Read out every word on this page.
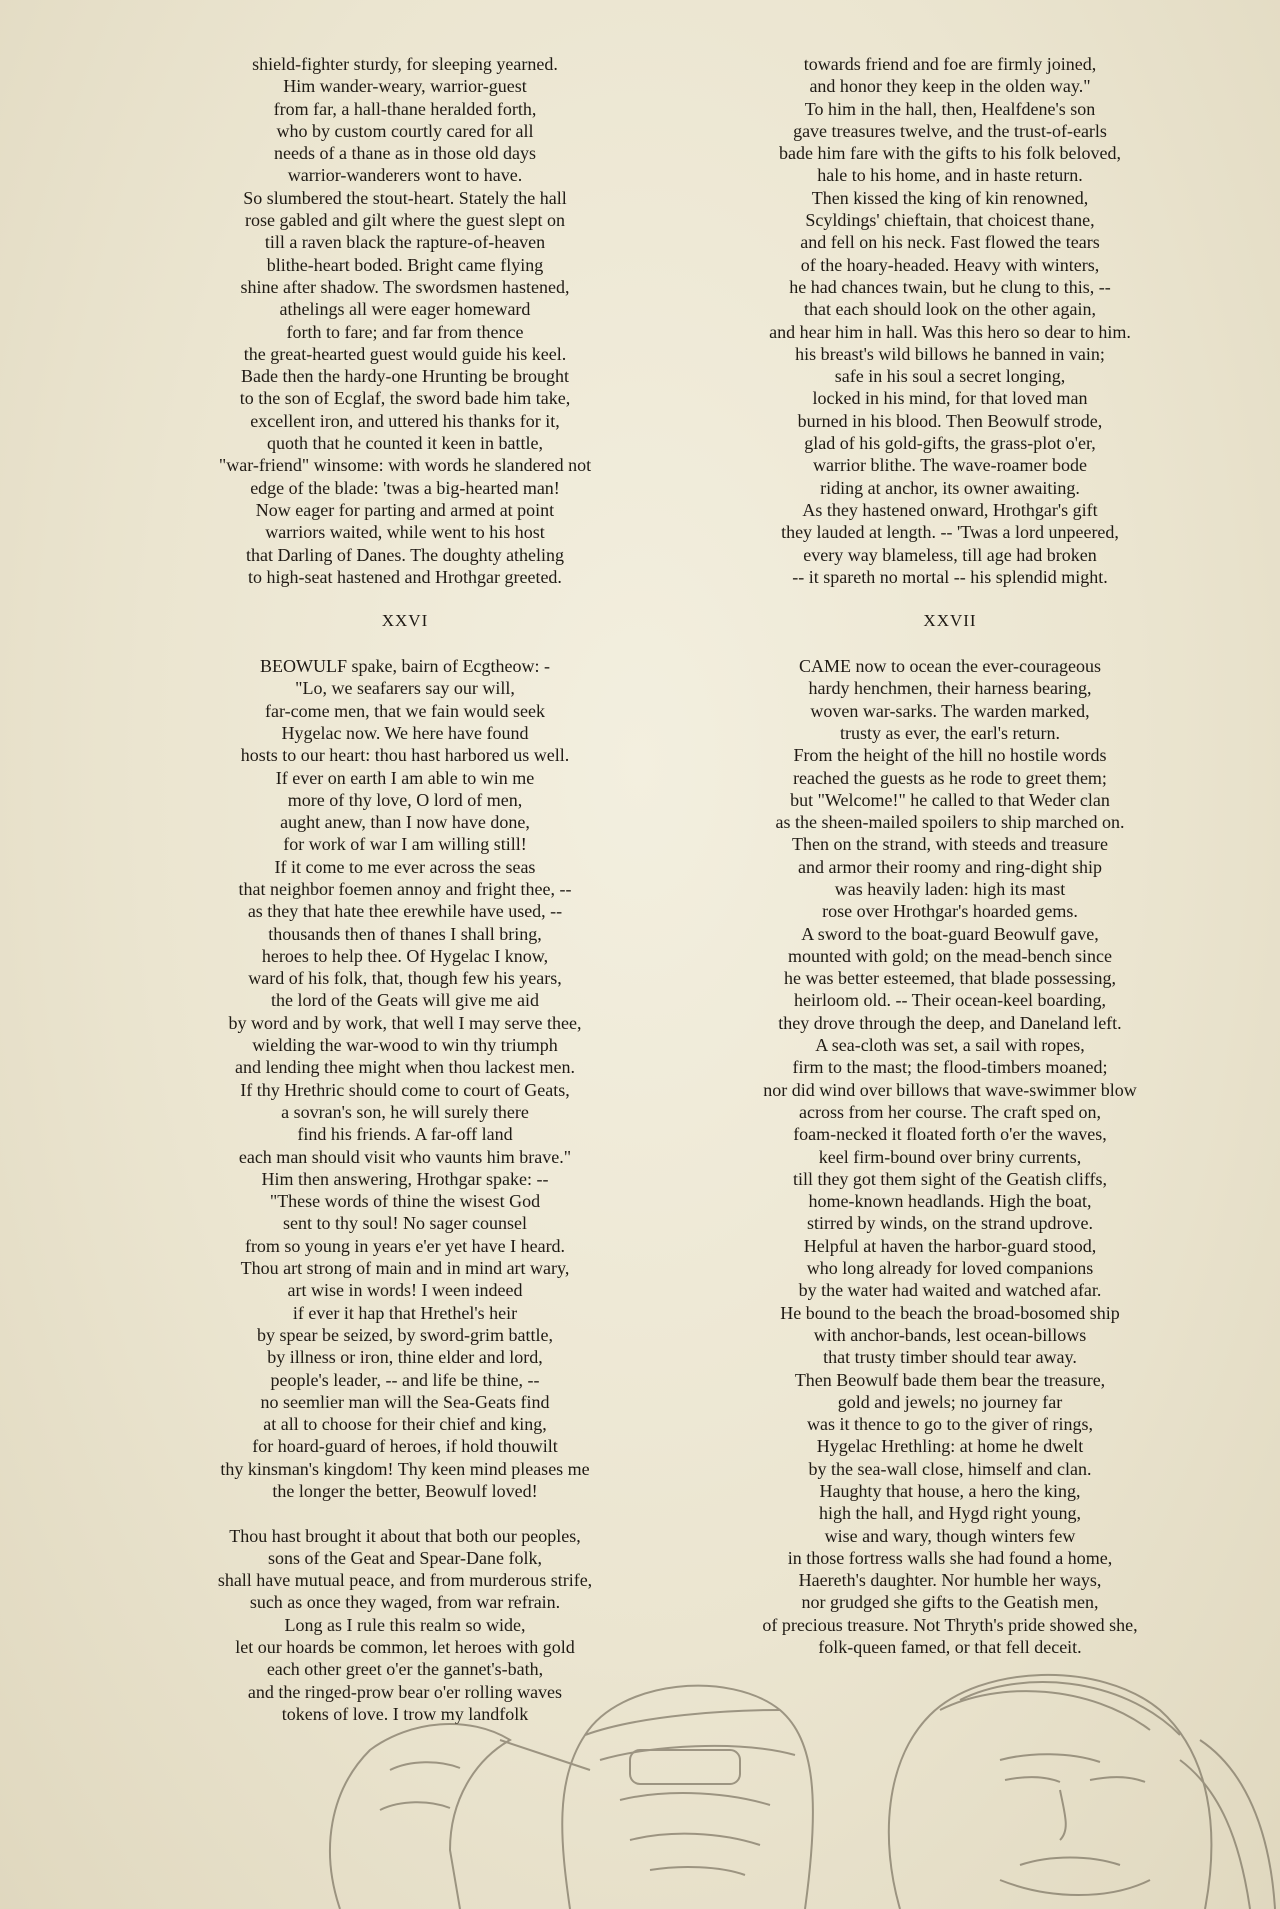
shield-fighter sturdy, for sleeping yearned.

Him wander-weary, warrior-guest

from far, a hall-thane heralded forth,

who by custom courtly cared for all

needs of a thane as in those old days

warrior-wanderers wont to have.

So slumbered the stout-heart. Stately the hall

rose gabled and gilt where the guest slept on

till a raven black the rapture-of-heaven

blithe-heart boded. Bright came flying

shine after shadow. The swordsmen hastened,

athelings all were eager homeward

forth to fare; and far from thence

the great-hearted guest would guide his keel.

Bade then the hardy-one Hrunting be brought

to the son of Ecglaf, the sword bade him take,

excellent iron, and uttered his thanks for it,

quoth that he counted it keen in battle,

"war-friend" winsome: with words he slandered not

edge of the blade: 'twas a big-hearted man!

Now eager for parting and armed at point

warriors waited, while went to his host

that Darling of Danes. The doughty atheling

to high-seat hastened and Hrothgar greeted.

XXVI

BEOWULF spake, bairn of Ecgtheow: -

"Lo, we seafarers say our will,

far-come men, that we fain would seek

Hygelac now. We here have found

hosts to our heart: thou hast harbored us well.

If ever on earth I am able to win me

more of thy love, O lord of men,

aught anew, than I now have done,

for work of war I am willing still!

If it come to me ever across the seas

that neighbor foemen annoy and fright thee, --

as they that hate thee erewhile have used, --

thousands then of thanes I shall bring,

heroes to help thee. Of Hygelac I know,

ward of his folk, that, though few his years,

the lord of the Geats will give me aid

by word and by work, that well I may serve thee,

wielding the war-wood to win thy triumph

and lending thee might when thou lackest men.

If thy Hrethric should come to court of Geats,

a sovran's son, he will surely there

find his friends. A far-off land

each man should visit who vaunts him brave."

Him then answering, Hrothgar spake: --

"These words of thine the wisest God

sent to thy soul! No sager counsel

from so young in years e'er yet have I heard.

Thou art strong of main and in mind art wary,

art wise in words! I ween indeed

if ever it hap that Hrethel's heir

by spear be seized, by sword-grim battle,

by illness or iron, thine elder and lord,

people's leader, -- and life be thine, --

no seemlier man will the Sea-Geats find

at all to choose for their chief and king,

for hoard-guard of heroes, if hold thouwilt

thy kinsman's kingdom! Thy keen mind pleases me

the longer the better, Beowulf loved!

Thou hast brought it about that both our peoples,

sons of the Geat and Spear-Dane folk,

shall have mutual peace, and from murderous strife,

such as once they waged, from war refrain.

Long as I rule this realm so wide,

let our hoards be common, let heroes with gold

each other greet o'er the gannet's-bath,

and the ringed-prow bear o'er rolling waves

tokens of love. I trow my landfolk

towards friend and foe are firmly joined,

and honor they keep in the olden way."

To him in the hall, then, Healfdene's son

gave treasures twelve, and the trust-of-earls

bade him fare with the gifts to his folk beloved,

hale to his home, and in haste return.

Then kissed the king of kin renowned,

Scyldings' chieftain, that choicest thane,

and fell on his neck. Fast flowed the tears

of the hoary-headed. Heavy with winters,

he had chances twain, but he clung to this, --

that each should look on the other again,

and hear him in hall. Was this hero so dear to him.

his breast's wild billows he banned in vain;

safe in his soul a secret longing,

locked in his mind, for that loved man

burned in his blood. Then Beowulf strode,

glad of his gold-gifts, the grass-plot o'er,

warrior blithe. The wave-roamer bode

riding at anchor, its owner awaiting.

As they hastened onward, Hrothgar's gift

they lauded at length. -- 'Twas a lord unpeered,

every way blameless, till age had broken

-- it spareth no mortal -- his splendid might.

XXVII

CAME now to ocean the ever-courageous

hardy henchmen, their harness bearing,

woven war-sarks. The warden marked,

trusty as ever, the earl's return.

From the height of the hill no hostile words

reached the guests as he rode to greet them;

but "Welcome!" he called to that Weder clan

as the sheen-mailed spoilers to ship marched on.

Then on the strand, with steeds and treasure

and armor their roomy and ring-dight ship

was heavily laden: high its mast

rose over Hrothgar's hoarded gems.

A sword to the boat-guard Beowulf gave,

mounted with gold; on the mead-bench since

he was better esteemed, that blade possessing,

heirloom old. -- Their ocean-keel boarding,

they drove through the deep, and Daneland left.

A sea-cloth was set, a sail with ropes,

firm to the mast; the flood-timbers moaned;

nor did wind over billows that wave-swimmer blow

across from her course. The craft sped on,

foam-necked it floated forth o'er the waves,

keel firm-bound over briny currents,

till they got them sight of the Geatish cliffs,

home-known headlands. High the boat,

stirred by winds, on the strand updrove.

Helpful at haven the harbor-guard stood,

who long already for loved companions

by the water had waited and watched afar.

He bound to the beach the broad-bosomed ship

with anchor-bands, lest ocean-billows

that trusty timber should tear away.

Then Beowulf bade them bear the treasure,

gold and jewels; no journey far

was it thence to go to the giver of rings,

Hygelac Hrethling: at home he dwelt

by the sea-wall close, himself and clan.

Haughty that house, a hero the king,

high the hall, and Hygd right young,

wise and wary, though winters few

in those fortress walls she had found a home,

Haereth's daughter. Nor humble her ways,

nor grudged she gifts to the Geatish men,

of precious treasure. Not Thryth's pride showed she,

folk-queen famed, or that fell deceit.
